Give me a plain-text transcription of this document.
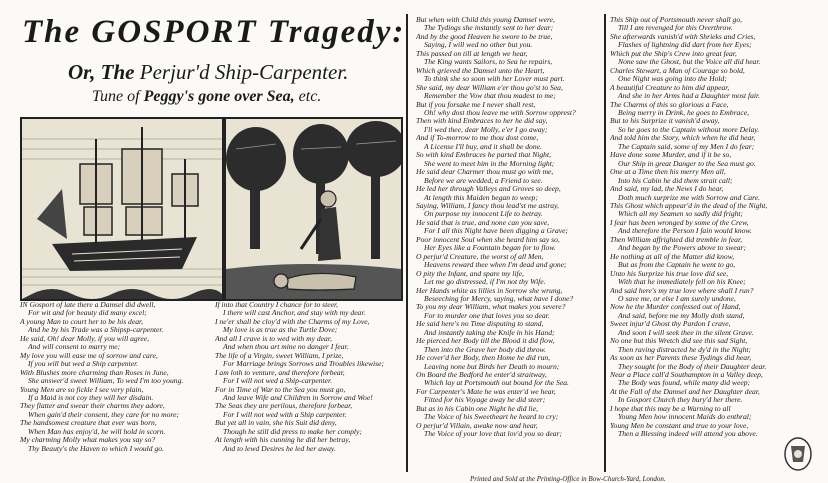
The GOSPORT Tragedy:
Or, The Perjur'd Ship-Carpenter.
Tune of Peggy's gone over Sea, etc.
IN Gosport of late there a Damsel did dwell,
For wit and for beauty did many excel;
A young Man to court her to be his dear,
And he by his Trade was a Shipsp-carpenter.
He said, Oh! dear Molly, if you will agree,
And will consent to marry me;
My love you will ease me of sorrow and care,
If you will but wed a Ship carpenter.
With Blushes more charming than Roses in June,
She answer'd sweet William, To wed I'm too young.
Young Men are so fickle I see very plain,
If a Maid is not coy they will her disdain.
They flatter and swear their charms they adore,
When gain'd their consent, they care for no more;
The handsomest creature that ever was born,
When Man has enjoy'd, he will hold in scorn.
My charming Molly what makes you say so?
Thy Beauty's the Haven to which I would go.
If into that Country I chance for to steer,
I there will cast Anchor, and stay with my dear.
I ne'er shall be cloy'd with the Charms of my Love,
My love is as true as the Turtle Dove;
And all I crave is to wed with my dear,
And when thou art mine no danger I fear.
The life of a Virgin, sweet William, I prize,
For Marriage brings Sorrows and Troubles likewise;
I am loth to venture, and therefore forbear,
For I will not wed a Ship-carpenter.
For in Time of War to the Sea you must go,
And leave Wife and Children in Sorrow and Woe!
The Seas they are perilous, therefore forbear,
For I will not wed with a Ship carpenter.
But yet all in vain, she his Suit did deny,
Though he still did press to make her comply;
At length with his cunning he did her betray,
And to lewd Desires he led her away.
But when with Child this young Damsel were,
The Tydings she instantly sent to her dear;
And by the good Heaven he swore to be true,
Saying, I will wed no other but you.
This passed on till at length we hear,
The King wants Sailors, to Sea he repairs,
Which grieved the Damsel unto the Heart,
To think she so soon with her Lover must part.
She said, my dear William e'er thou go'st to Sea,
Remember the Vow that thou madest to me;
But if you forsake me I never shall rest,
Oh! why dost thou leave me with Sorrow opprest?
Then with kind Embraces to her he did say,
I'll wed thee, dear Molly, e'er I go away;
And if To-morrow to me thou dost come,
A License I'll buy, and it shall be done.
So with kind Embraces he parted that Night,
She went to meet him in the Morning light;
He said dear Charmer thou must go with me,
Before we are wedded, a Friend to see.
He led her through Valleys and Groves so deep,
At length this Maiden began to weep;
Saying, William, I fancy thou lead'st me astray,
On purpose my innocent Life to betray.
He said that is true, and none can you save,
For I all this Night have been digging a Grave;
Poor innocent Soul when she heard him say so,
Her Eyes like a Fountain began for to flow.
O perjur'd Creature, the worst of all Men,
Heavens reward thee when I'm dead and gone;
O pity the Infant, and spare my life,
Let me go distressed, if I'm not thy Wife.
Her Hands white as lillies in Sorrow she wrung,
Beseeching for Mercy, saying, what have I done?
To you my dear William, what makes you severe?
For to murder one that loves you so dear.
He said here's no Time disputing to stand,
And instantly taking the Knife in his Hand;
He pierced her Body till the Blood it did flow,
Then into the Grave her body did throw.
He cover'd her Body, then Home he did run,
Leaving none but Birds her Death to mourn;
On Board the Bedford he enter'd straitway,
Which lay at Portsmouth out bound for the Sea.
For Carpenter's Mate he was enter'd we hear,
Fitted for his Voyage away he did steer;
But as in his Cabin one Night he did lie,
The Voice of his Sweetheart he heard to cry;
O perjur'd Villain, awake now and hear,
The Voice of your love that lov'd you so dear;
This Ship out of Portsmouth never shall go,
Till I am revenged for this Overthrow.
She afterwards vanish'd with Shrieks and Cries,
Flashes of lightning did dart from her Eyes;
Which put the Ship's Crew into great fear,
None saw the Ghost, but the Voice all did hear.
Charles Stewart, a Man of Courage so bold,
One Night was going into the Hold;
A beautiful Creature to him did appear,
And she in her Arms had a Daughter most fair.
The Charms of this so glorious a Face,
Being merry in Drink, he goes to Embrace,
But to his Surprize it vanish'd away,
So he goes to the Captain without more Delay.
And told him the Story, which when he did hear,
The Captain said, some of my Men I do fear;
Have done some Murder, and if it be so,
Our Ship in great Danger to the Sea must go.
One at a Time then his merry Men all,
Into his Cabin he did them strait call;
And said, my lad, the News I do hear,
Doth much surprize me with Sorrow and Care.
This Ghost which appear'd in the dead of the Night,
Which all my Seamen so sadly did fright;
I fear has been wronged by some of the Crew,
And therefore the Person I fain would know.
Then William affrighted did tremble in fear,
And began by the Powers above to swear;
He nothing at all of the Matter did know,
But as from the Captain he went to go,
Unto his Surprize his true love did see,
With that he immediately fell on his Knee;
And said here's my true love where shall I run?
O save me, or else I am surely undone,
Now he the Murder confessed out of Hand,
And said, before me my Molly doth stand,
Sweet injur'd Ghost thy Pardon I crave,
And soon I will seek thee in the silent Grave.
No one but this Wretch did see this sad Sight,
Then raving distracted he dy'd in the Night;
As soon as her Parents these Tydings did hear,
They sought for the Body of their Daughter dear.
Near a Place call'd Southampton in a Valley deep,
The Body was found, while many did weep;
At the Fall of the Damsel and her Daughter dear,
In Gosport Church they bury'd her there.
I hope that this may be a Warning to all
Young Men how innocent Maids do enthral;
Young Men be constant and true to your love,
Then a Blessing indeed will attend you above.
Printed and Sold at the Printing-Office in Bow-Church-Yard, London.
